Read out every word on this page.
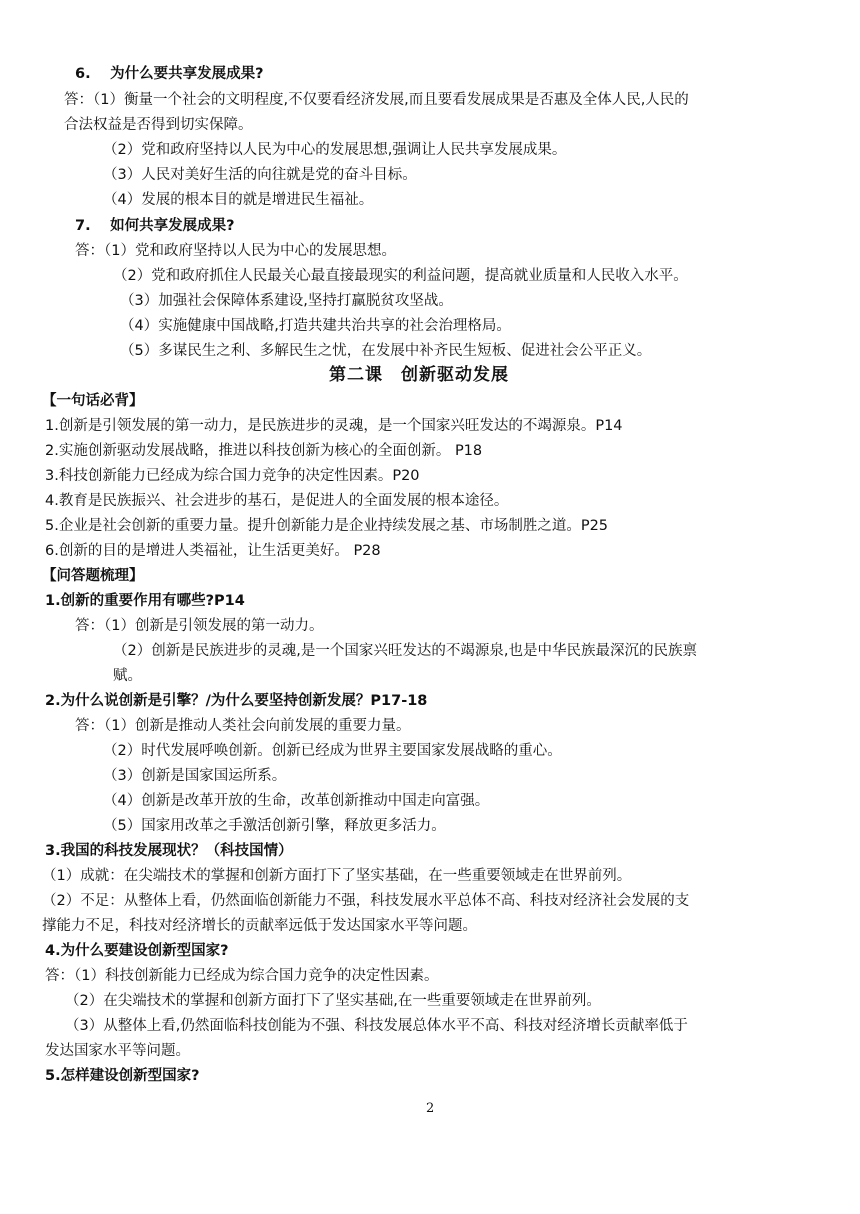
6.　 为什么要共享发展成果?
答：（1）衡量一个社会的文明程度,不仅要看经济发展,而且要看发展成果是否惠及全体人民,人民的
合法权益是否得到切实保障。
（2）党和政府坚持以人民为中心的发展思想,强调让人民共享发展成果。
（3）人民对美好生活的向往就是党的奋斗目标。
（4）发展的根本目的就是增进民生福祉。
7.　 如何共享发展成果?
答：（1）党和政府坚持以人民为中心的发展思想。
（2）党和政府抓住人民最关心最直接最现实的利益问题，提高就业质量和人民收入水平。
（3）加强社会保障体系建设,坚持打赢脱贫攻坚战。
（4）实施健康中国战略,打造共建共治共享的社会治理格局。
（5）多谋民生之利、多解民生之忧，在发展中补齐民生短板、促进社会公平正义。
第二课　创新驱动发展
【一句话必背】
1.创新是引领发展的第一动力，是民族进步的灵魂，是一个国家兴旺发达的不竭源泉。P14
2.实施创新驱动发展战略，推进以科技创新为核心的全面创新。 P18
3.科技创新能力已经成为综合国力竞争的决定性因素。P20
4.教育是民族振兴、社会进步的基石，是促进人的全面发展的根本途径。
5.企业是社会创新的重要力量。提升创新能力是企业持续发展之基、市场制胜之道。P25
6.创新的目的是增进人类福祉，让生活更美好。 P28
【问答题梳理】
1.创新的重要作用有哪些?P14
答：（1）创新是引领发展的第一动力。
（2）创新是民族进步的灵魂,是一个国家兴旺发达的不竭源泉,也是中华民族最深沉的民族禀
赋。
2.为什么说创新是引擎？/为什么要坚持创新发展？P17-18
答：（1）创新是推动人类社会向前发展的重要力量。
（2）时代发展呼唤创新。创新已经成为世界主要国家发展战略的重心。
（3）创新是国家国运所系。
（4）创新是改革开放的生命，改革创新推动中国走向富强。
（5）国家用改革之手激活创新引擎，释放更多活力。
3.我国的科技发展现状？（科技国情）
（1）成就：在尖端技术的掌握和创新方面打下了坚实基础，在一些重要领域走在世界前列。
（2）不足：从整体上看，仍然面临创新能力不强，科技发展水平总体不高、科技对经济社会发展的支
撑能力不足，科技对经济增长的贡献率远低于发达国家水平等问题。
4.为什么要建设创新型国家?
答：（1）科技创新能力已经成为综合国力竞争的决定性因素。
（2）在尖端技术的掌握和创新方面打下了坚实基础,在一些重要领域走在世界前列。
（3）从整体上看,仍然面临科技创能为不强、科技发展总体水平不高、科技对经济增长贡献率低于
发达国家水平等问题。
5.怎样建设创新型国家?
2
